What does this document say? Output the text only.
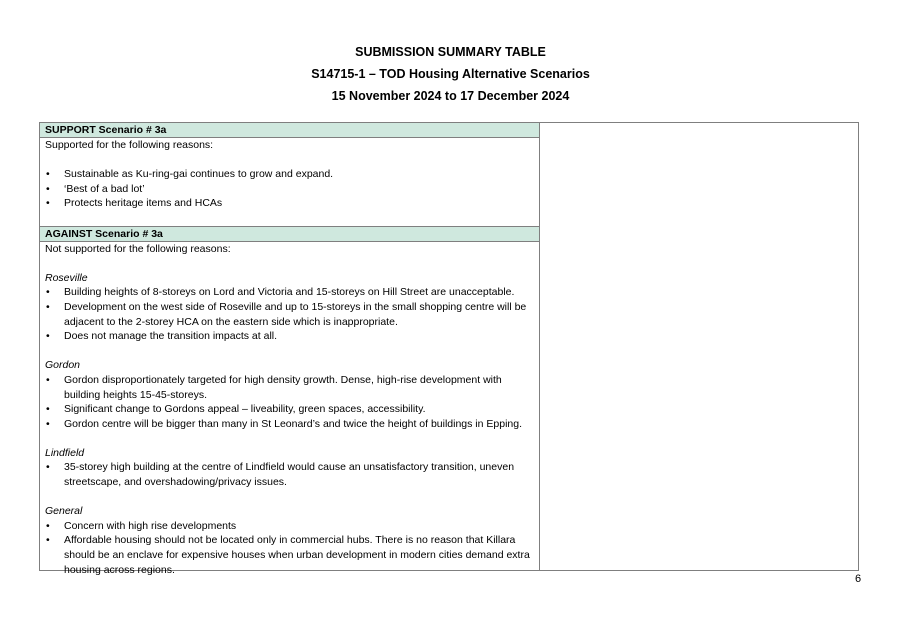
SUBMISSION SUMMARY TABLE
S14715-1 – TOD Housing Alternative Scenarios
15 November 2024 to 17 December 2024
SUPPORT Scenario # 3a
Supported for the following reasons:
• Sustainable as Ku-ring-gai continues to grow and expand.
• ‘Best of a bad lot’
• Protects heritage items and HCAs
AGAINST Scenario # 3a
Not supported for the following reasons:
Roseville
• Building heights of 8-storeys on Lord and Victoria and 15-storeys on Hill Street are unacceptable.
• Development on the west side of Roseville and up to 15-storeys in the small shopping centre will be adjacent to the 2-storey HCA on the eastern side which is inappropriate.
• Does not manage the transition impacts at all.
Gordon
• Gordon disproportionately targeted for high density growth. Dense, high-rise development with building heights 15-45-storeys.
• Significant change to Gordons appeal – liveability, green spaces, accessibility.
• Gordon centre will be bigger than many in St Leonard’s and twice the height of buildings in Epping.
Lindfield
• 35-storey high building at the centre of Lindfield would cause an unsatisfactory transition, uneven streetscape, and overshadowing/privacy issues.
General
• Concern with high rise developments
• Affordable housing should not be located only in commercial hubs. There is no reason that Killara should be an enclave for expensive houses when urban development in modern cities demand extra housing across regions.
6
